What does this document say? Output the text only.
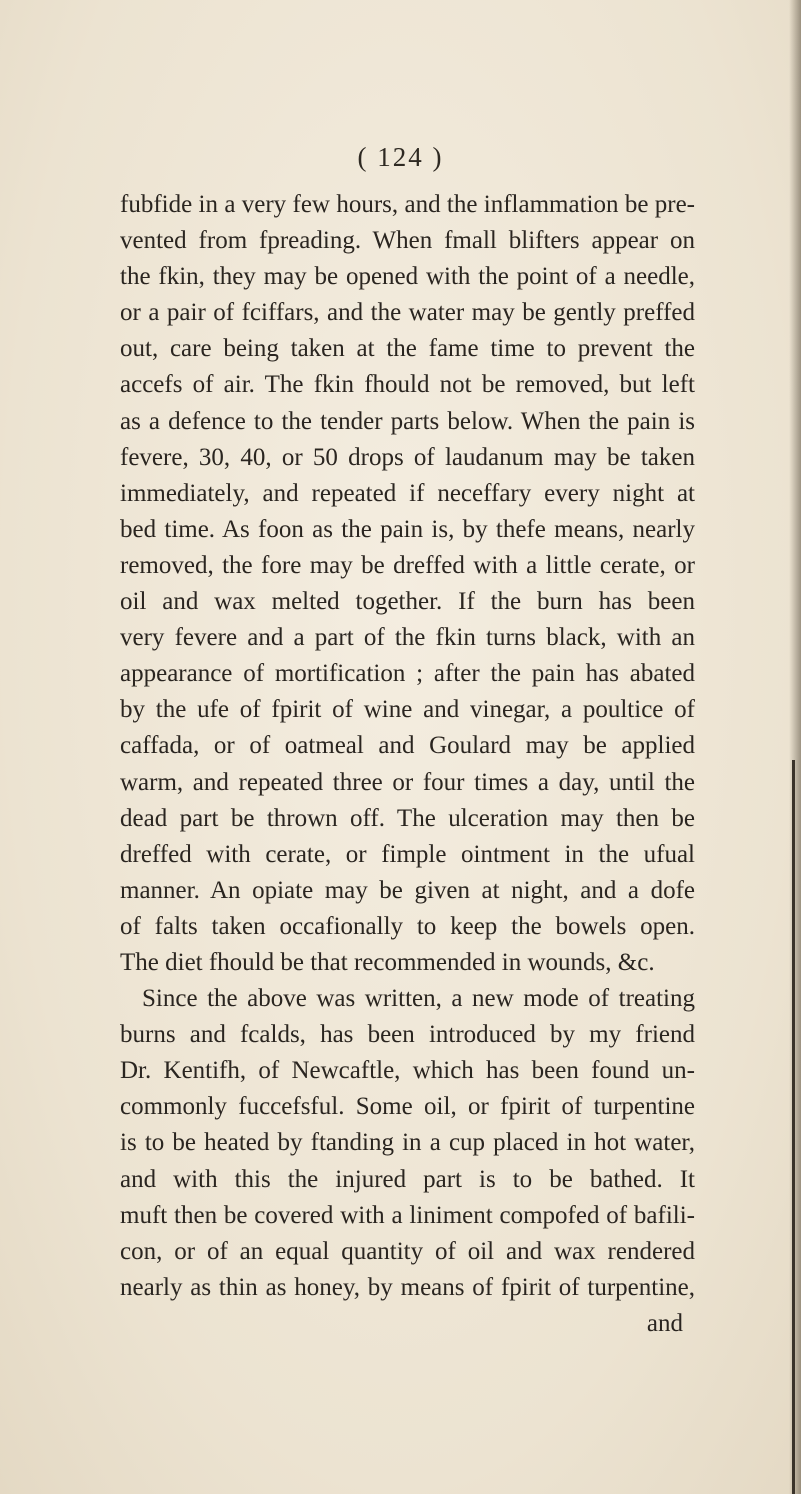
( 124 )
fubfide in a very few hours, and the inflammation be pre-
vented from fpreading. When fmall blifters appear on
the fkin, they may be opened with the point of a needle,
or a pair of fciffars, and the water may be gently preffed
out, care being taken at the fame time to prevent the
accefs of air. The fkin fhould not be removed, but left
as a defence to the tender parts below. When the pain is
fevere, 30, 40, or 50 drops of laudanum may be taken
immediately, and repeated if neceffary every night at
bed time. As foon as the pain is, by thefe means, nearly
removed, the fore may be dreffed with a little cerate, or
oil and wax melted together. If the burn has been
very fevere and a part of the fkin turns black, with an
appearance of mortification ; after the pain has abated
by the ufe of fpirit of wine and vinegar, a poultice of
caffada, or of oatmeal and Goulard may be applied
warm, and repeated three or four times a day, until the
dead part be thrown off. The ulceration may then be
dreffed with cerate, or fimple ointment in the ufual
manner. An opiate may be given at night, and a dofe
of falts taken occafionally to keep the bowels open.
The diet fhould be that recommended in wounds, &c.
Since the above was written, a new mode of treating
burns and fcalds, has been introduced by my friend
Dr. Kentifh, of Newcaftle, which has been found un-
commonly fuccefsful. Some oil, or fpirit of turpentine
is to be heated by ftanding in a cup placed in hot water,
and with this the injured part is to be bathed. It
muft then be covered with a liniment compofed of bafili-
con, or of an equal quantity of oil and wax rendered
nearly as thin as honey, by means of fpirit of turpentine,
and
